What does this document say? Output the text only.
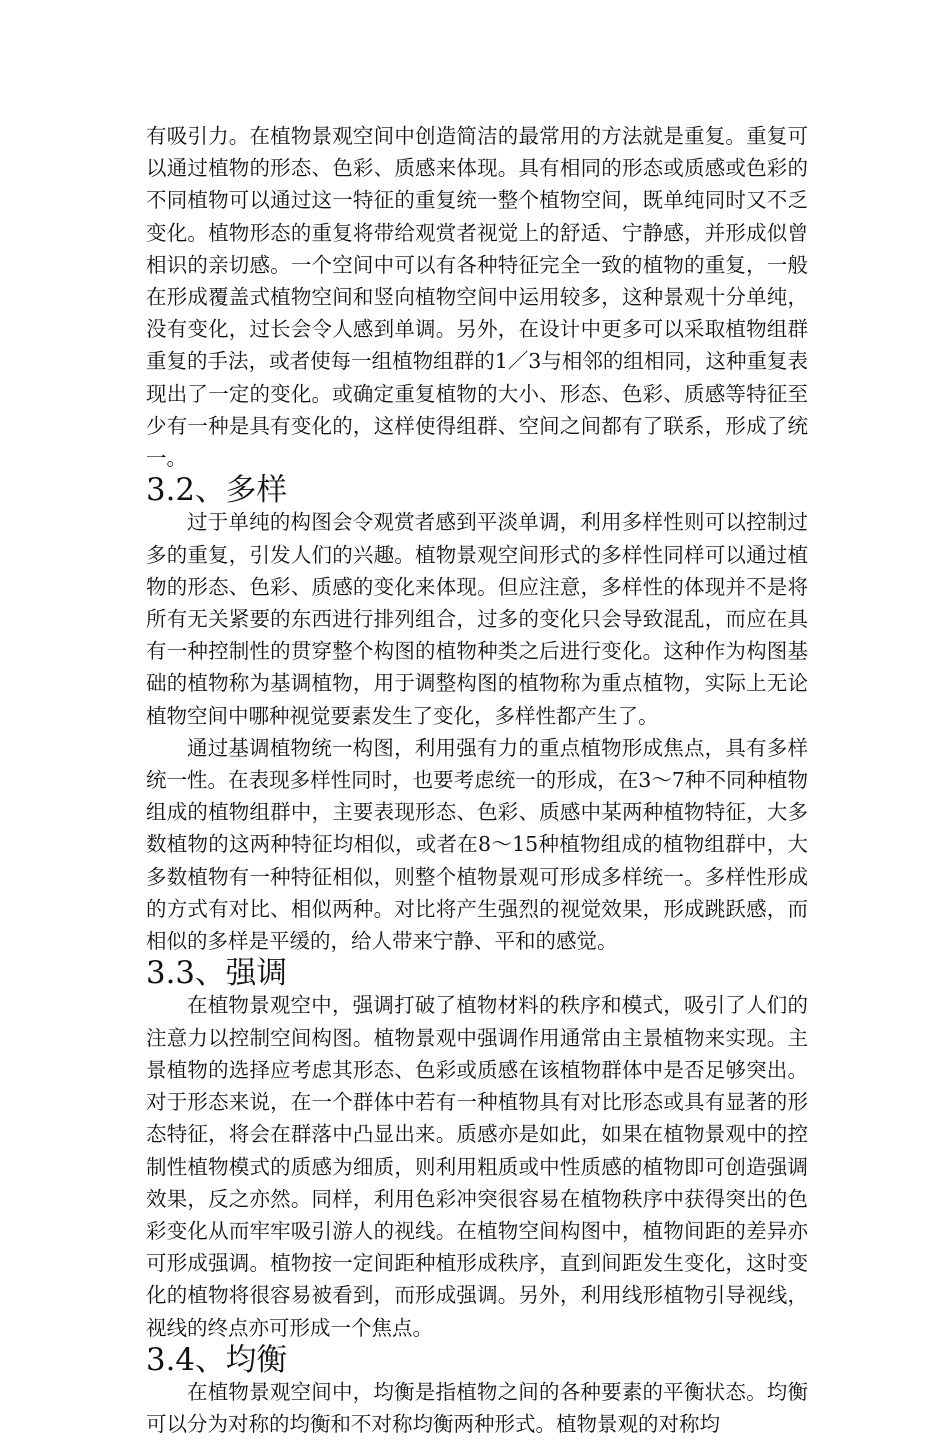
有吸引力。在植物景观空间中创造简洁的最常用的方法就是重复。重复可以通过植物的形态、色彩、质感来体现。具有相同的形态或质感或色彩的不同植物可以通过这一特征的重复统一整个植物空间，既单纯同时又不乏变化。植物形态的重复将带给观赏者视觉上的舒适、宁静感，并形成似曾相识的亲切感。一个空间中可以有各种特征完全一致的植物的重复，一般在形成覆盖式植物空间和竖向植物空间中运用较多，这种景观十分单纯，没有变化，过长会令人感到单调。另外，在设计中更多可以采取植物组群重复的手法，或者使每一组植物组群的1／3与相邻的组相同，这种重复表现出了一定的变化。或确定重复植物的大小、形态、色彩、质感等特征至少有一种是具有变化的，这样使得组群、空间之间都有了联系，形成了统一。

3.2、多样

过于单纯的构图会令观赏者感到平淡单调，利用多样性则可以控制过多的重复，引发人们的兴趣。植物景观空间形式的多样性同样可以通过植物的形态、色彩、质感的变化来体现。但应注意，多样性的体现并不是将所有无关紧要的东西进行排列组合，过多的变化只会导致混乱，而应在具有一种控制性的贯穿整个构图的植物种类之后进行变化。这种作为构图基础的植物称为基调植物，用于调整构图的植物称为重点植物，实际上无论植物空间中哪种视觉要素发生了变化，多样性都产生了。

通过基调植物统一构图，利用强有力的重点植物形成焦点，具有多样统一性。在表现多样性同时，也要考虑统一的形成，在3～7种不同种植物组成的植物组群中，主要表现形态、色彩、质感中某两种植物特征，大多数植物的这两种特征均相似，或者在8～15种植物组成的植物组群中，大多数植物有一种特征相似，则整个植物景观可形成多样统一。多样性形成的方式有对比、相似两种。对比将产生强烈的视觉效果，形成跳跃感，而相似的多样是平缓的，给人带来宁静、平和的感觉。

3.3、强调

在植物景观空中，强调打破了植物材料的秩序和模式，吸引了人们的注意力以控制空间构图。植物景观中强调作用通常由主景植物来实现。主景植物的选择应考虑其形态、色彩或质感在该植物群体中是否足够突出。对于形态来说，在一个群体中若有一种植物具有对比形态或具有显著的形态特征，将会在群落中凸显出来。质感亦是如此，如果在植物景观中的控制性植物模式的质感为细质，则利用粗质或中性质感的植物即可创造强调效果，反之亦然。同样，利用色彩冲突很容易在植物秩序中获得突出的色彩变化从而牢牢吸引游人的视线。在植物空间构图中，植物间距的差异亦可形成强调。植物按一定间距种植形成秩序，直到间距发生变化，这时变化的植物将很容易被看到，而形成强调。另外，利用线形植物引导视线，视线的终点亦可形成一个焦点。

3.4、均衡

在植物景观空间中，均衡是指植物之间的各种要素的平衡状态。均衡可以分为对称的均衡和不对称均衡两种形式。植物景观的对称均
